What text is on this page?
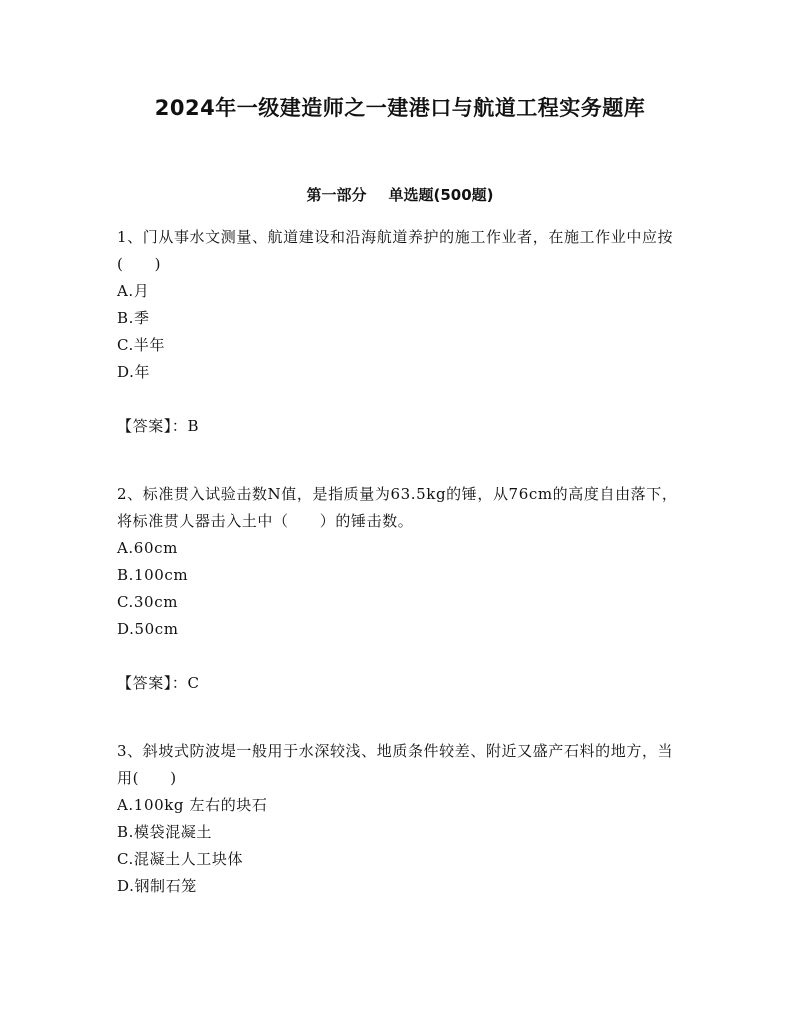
2024年一级建造师之一建港口与航道工程实务题库
第一部分 单选题(500题)

1、门从事水文测量、航道建设和沿海航道养护的施工作业者，在施工作业中应按(　　)

A.月

B.季

C.半年

D.年

【答案】：B

2、标准贯入试验击数N值，是指质量为63.5kg的锤，从76cm的高度自由落下，将标准贯人器击入土中（　　）的锤击数。

A.60cm

B.100cm

C.30cm

D.50cm

【答案】：C

3、斜坡式防波堤一般用于水深较浅、地质条件较差、附近又盛产石料的地方，当用(　　)

A.100kg 左右的块石

B.模袋混凝土

C.混凝土人工块体

D.钢制石笼
